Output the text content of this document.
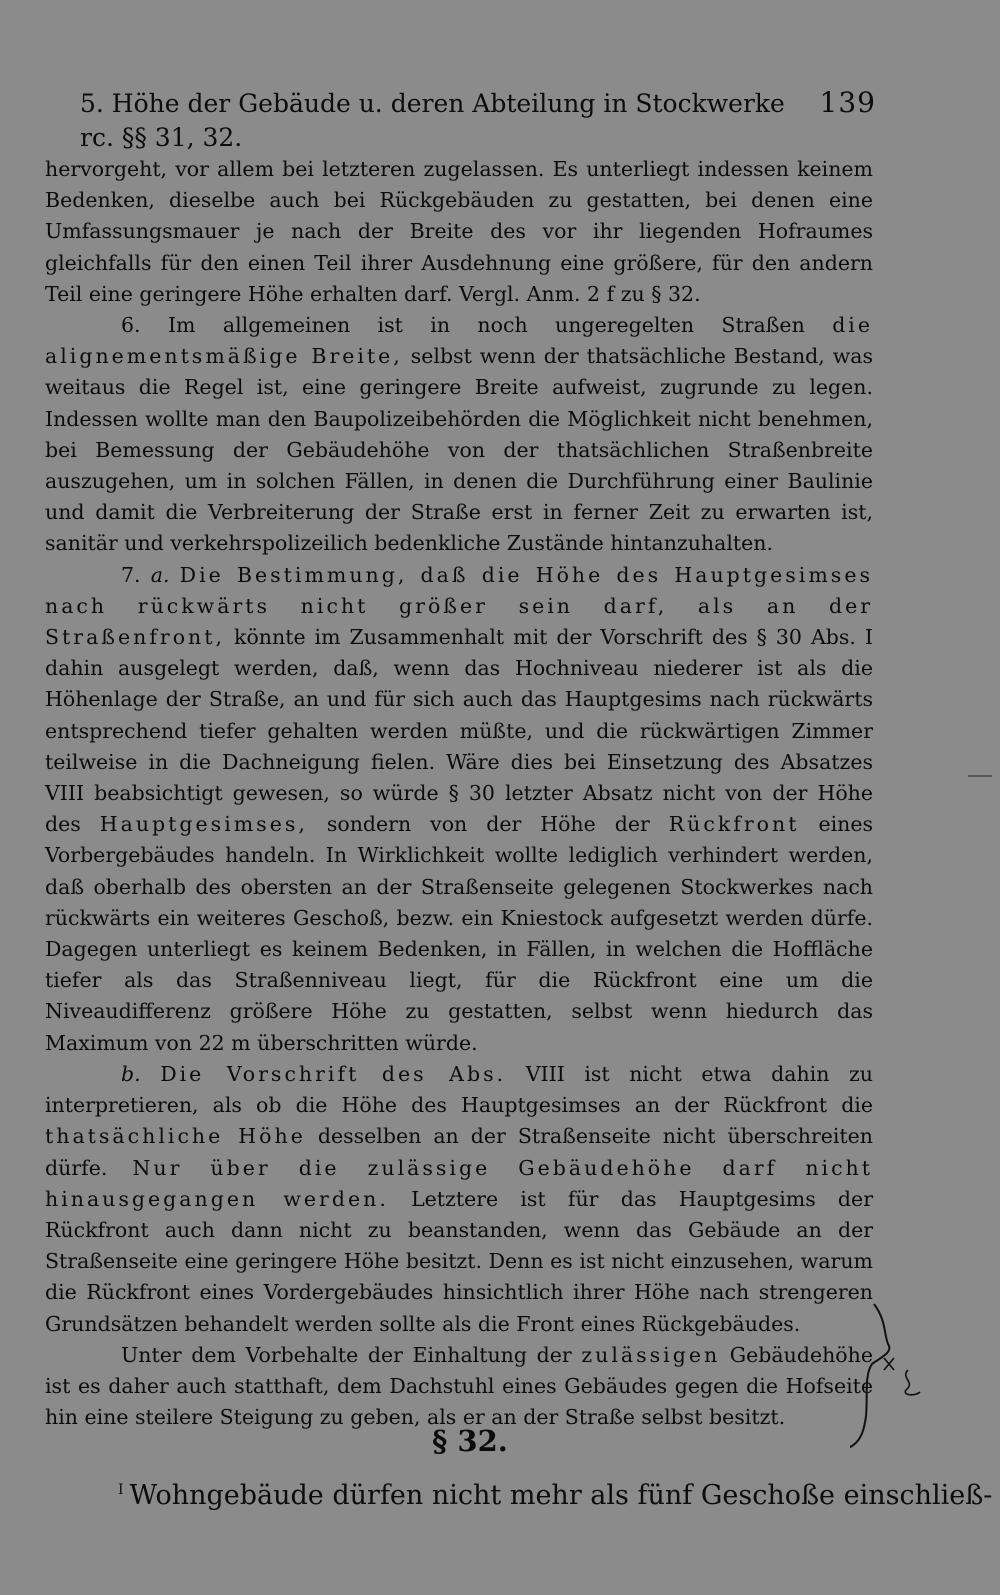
5. Höhe der Gebäude u. deren Abteilung in Stockwerke rc. §§ 31, 32.
139

hervorgeht, vor allem bei letzteren zugelassen. Es unterliegt indessen keinem Bedenken, dieselbe auch bei Rückgebäuden zu gestatten, bei denen eine Umfassungsmauer je nach der Breite des vor ihr liegenden Hofraumes gleichfalls für den einen Teil ihrer Ausdehnung eine größere, für den andern Teil eine geringere Höhe erhalten darf. Vergl. Anm. 2 f zu § 32.

6. Im allgemeinen ist in noch ungeregelten Straßen die alignementsmäßige Breite, selbst wenn der thatsächliche Bestand, was weitaus die Regel ist, eine geringere Breite aufweist, zugrunde zu legen. Indessen wollte man den Baupolizeibehörden die Möglichkeit nicht benehmen, bei Bemessung der Gebäudehöhe von der thatsächlichen Straßenbreite auszugehen, um in solchen Fällen, in denen die Durchführung einer Baulinie und damit die Verbreiterung der Straße erst in ferner Zeit zu erwarten ist, sanitär und verkehrspolizeilich bedenkliche Zustände hintanzuhalten.

7. a. Die Bestimmung, daß die Höhe des Hauptgesimses nach rückwärts nicht größer sein darf, als an der Straßenfront, könnte im Zusammenhalt mit der Vorschrift des § 30 Abs. I dahin ausgelegt werden, daß, wenn das Hochniveau niederer ist als die Höhenlage der Straße, an und für sich auch das Hauptgesims nach rückwärts entsprechend tiefer gehalten werden müßte, und die rückwärtigen Zimmer teilweise in die Dachneigung fielen. Wäre dies bei Einsetzung des Absatzes VIII beabsichtigt gewesen, so würde § 30 letzter Absatz nicht von der Höhe des Hauptgesimses, sondern von der Höhe der Rückfront eines Vorbergebäudes handeln. In Wirklichkeit wollte lediglich verhindert werden, daß oberhalb des obersten an der Straßenseite gelegenen Stockwerkes nach rückwärts ein weiteres Geschoß, bezw. ein Kniestock aufgesetzt werden dürfe. Dagegen unterliegt es keinem Bedenken, in Fällen, in welchen die Hoffläche tiefer als das Straßenniveau liegt, für die Rückfront eine um die Niveaudifferenz größere Höhe zu gestatten, selbst wenn hiedurch das Maximum von 22 m überschritten würde.

b. Die Vorschrift des Abs. VIII ist nicht etwa dahin zu interpretieren, als ob die Höhe des Hauptgesimses an der Rückfront die thatsächliche Höhe desselben an der Straßenseite nicht überschreiten dürfe. Nur über die zulässige Gebäudehöhe darf nicht hinausgegangen werden. Letztere ist für das Hauptgesims der Rückfront auch dann nicht zu beanstanden, wenn das Gebäude an der Straßenseite eine geringere Höhe besitzt. Denn es ist nicht einzusehen, warum die Rückfront eines Vordergebäudes hinsichtlich ihrer Höhe nach strengeren Grundsätzen behandelt werden sollte als die Front eines Rückgebäudes.

Unter dem Vorbehalte der Einhaltung der zulässigen Gebäudehöhe ist es daher auch statthaft, dem Dachstuhl eines Gebäudes gegen die Hofseite hin eine steilere Steigung zu geben, als er an der Straße selbst besitzt.

§ 32.
$^I$ Wohngebäude dürfen nicht mehr als fünf Geschoße einschließ-
